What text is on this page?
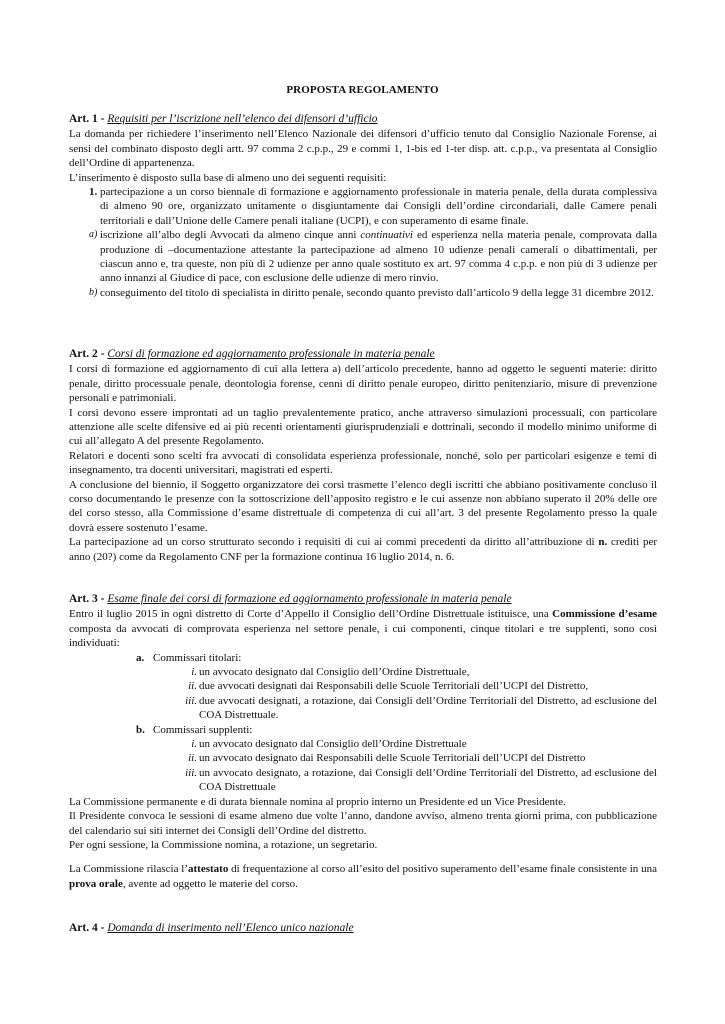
PROPOSTA REGOLAMENTO
Art. 1 - Requisiti per l’iscrizione nell’elenco dei difensori d’ufficio

La domanda per richiedere l’inserimento nell’Elenco Nazionale dei difensori d’ufficio tenuto dal Consiglio Nazionale Forense, ai sensi del combinato disposto degli artt. 97 comma 2 c.p.p., 29 e commi 1, 1-bis ed 1-ter disp. att. c.p.p., va presentata al Consiglio dell’Ordine di appartenenza.

L’inserimento è disposto sulla base di almeno uno dei seguenti requisiti:

1. partecipazione a un corso biennale di formazione e aggiornamento professionale in materia penale, della durata complessiva di almeno 90 ore, organizzato unitamente o disgiuntamente dai Consigli dell’ordine circondariali, dalle Camere penali territoriali e dall’Unione delle Camere penali italiane (UCPI), e con superamento di esame finale.
a) iscrizione all’albo degli Avvocati da almeno cinque anni continuativi ed esperienza nella materia penale, comprovata dalla produzione di –documentazione attestante la partecipazione ad almeno 10 udienze penali camerali o dibattimentali, per ciascun anno e, tra queste, non più di 2 udienze per anno quale sostituto ex art. 97 comma 4 c.p.p. e non più di 3 udienze per anno innanzi al Giudice di pace, con esclusione delle udienze di mero rinvio.
b) conseguimento del titolo di specialista in diritto penale, secondo quanto previsto dall’articolo 9 della legge 31 dicembre 2012.
Art. 2 - Corsi di formazione ed aggiornamento professionale in materia penale

I corsi di formazione ed aggiornamento di cui alla lettera a) dell’articolo precedente, hanno ad oggetto le seguenti materie: diritto penale, diritto processuale penale, deontologia forense, cenni di diritto penale europeo, diritto penitenziario, misure di prevenzione personali e patrimoniali.

I corsi devono essere improntati ad un taglio prevalentemente pratico, anche attraverso simulazioni processuali, con particolare attenzione alle scelte difensive ed ai più recenti orientamenti giurisprudenziali e dottrinali, secondo il modello minimo uniforme di cui all’allegato A del presente Regolamento.

Relatori e docenti sono scelti fra avvocati di consolidata esperienza professionale, nonché, solo per particolari esigenze e temi di insegnamento, tra docenti universitari, magistrati ed esperti.

A conclusione del biennio, il Soggetto organizzatore dei corsi trasmette l’elenco degli iscritti che abbiano positivamente concluso il corso documentando le presenze con la sottoscrizione dell’apposito registro e le cui assenze non abbiano superato il 20% delle ore del corso stesso, alla Commissione d’esame distrettuale di competenza di cui all’art. 3 del presente Regolamento presso la quale dovrà essere sostenuto l’esame.

La partecipazione ad un corso strutturato secondo i requisiti di cui ai commi precedenti da diritto all’attribuzione di n. crediti per anno (20?) come da Regolamento CNF per la formazione continua 16 luglio 2014, n. 6.

Art. 3 - Esame finale dei corsi di formazione ed aggiornamento professionale in materia penale

Entro il luglio 2015 in ogni distretto di Corte d’Appello il Consiglio dell’Ordine Distrettuale istituisce, una Commissione d’esame composta da avvocati di comprovata esperienza nel settore penale, i cui componenti, cinque titolari e tre supplenti, sono così individuati:

a. Commissari titolari:
i. un avvocato designato dal Consiglio dell’Ordine Distrettuale,
ii. due avvocati designati dai Responsabili delle Scuole Territoriali dell’UCPI del Distretto,
iii. due avvocati designati, a rotazione, dai Consigli dell’Ordine Territoriali del Distretto, ad esclusione del COA Distrettuale.
b. Commissari supplenti:
i. un avvocato designato dal Consiglio dell’Ordine Distrettuale
ii. un avvocato designato dai Responsabili delle Scuole Territoriali dell’UCPI del Distretto
iii. un avvocato designato, a rotazione, dai Consigli dell’Ordine Territoriali del Distretto, ad esclusione del COA Distrettuale

La Commissione permanente e di durata biennale nomina al proprio interno un Presidente ed un Vice Presidente.

Il Presidente convoca le sessioni di esame almeno due volte l’anno, dandone avviso, almeno trenta giorni prima, con pubblicazione del calendario sui siti internet dei Consigli dell’Ordine del distretto.

Per ogni sessione, la Commissione nomina, a rotazione, un segretario.

La Commissione rilascia l’attestato di frequentazione al corso all’esito del positivo superamento dell’esame finale consistente in una prova orale, avente ad oggetto le materie del corso.

Art. 4 - Domanda di inserimento nell’Elenco unico nazionale
